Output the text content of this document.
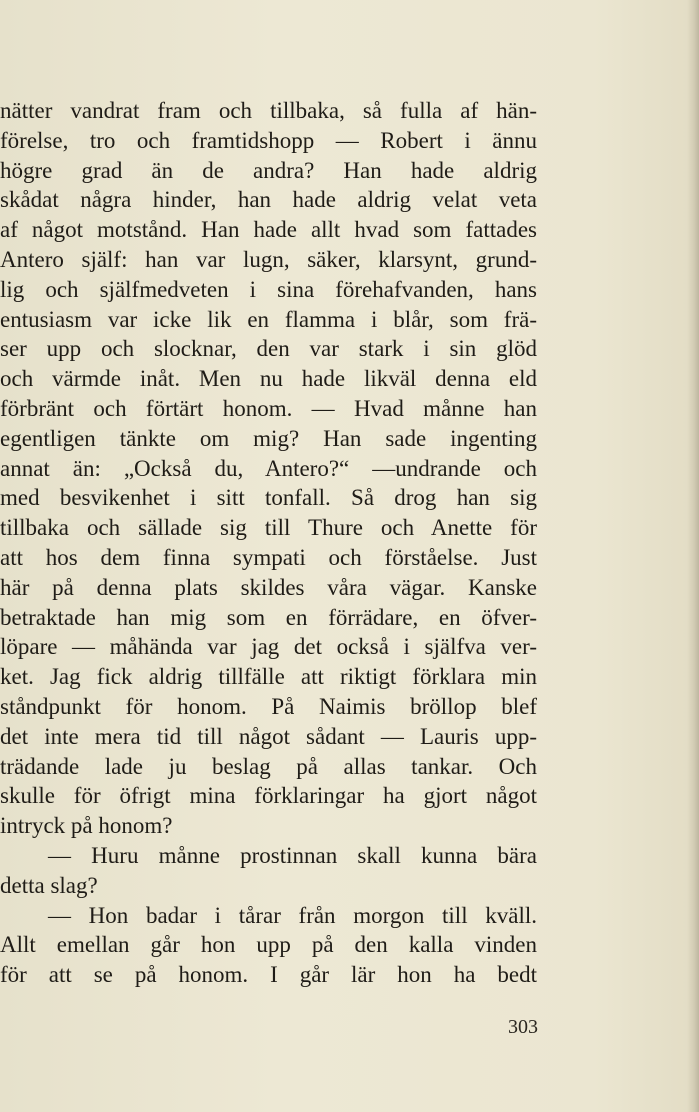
nätter vandrat fram och tillbaka, så fulla af hän-
förelse, tro och framtidshopp — Robert i ännu
högre grad än de andra? Han hade aldrig
skådat några hinder, han hade aldrig velat veta
af något motstånd. Han hade allt hvad som fattades
Antero själf: han var lugn, säker, klarsynt, grund-
lig och själfmedveten i sina förehafvanden, hans
entusiasm var icke lik en flamma i blår, som frä-
ser upp och slocknar, den var stark i sin glöd
och värmde inåt. Men nu hade likväl denna eld
förbränt och förtärt honom. — Hvad månne han
egentligen tänkte om mig? Han sade ingenting
annat än: „Också du, Antero?“ —undrande och
med besvikenhet i sitt tonfall. Så drog han sig
tillbaka och sällade sig till Thure och Anette för
att hos dem finna sympati och förståelse. Just
här på denna plats skildes våra vägar. Kanske
betraktade han mig som en förrädare, en öfver-
löpare — måhända var jag det också i själfva ver-
ket. Jag fick aldrig tillfälle att riktigt förklara min
ståndpunkt för honom. På Naimis bröllop blef
det inte mera tid till något sådant — Lauris upp-
trädande lade ju beslag på allas tankar. Och
skulle för öfrigt mina förklaringar ha gjort något
intryck på honom?
— Huru månne prostinnan skall kunna bära
detta slag?
— Hon badar i tårar från morgon till kväll.
Allt emellan går hon upp på den kalla vinden
för att se på honom. I går lär hon ha bedt
303
